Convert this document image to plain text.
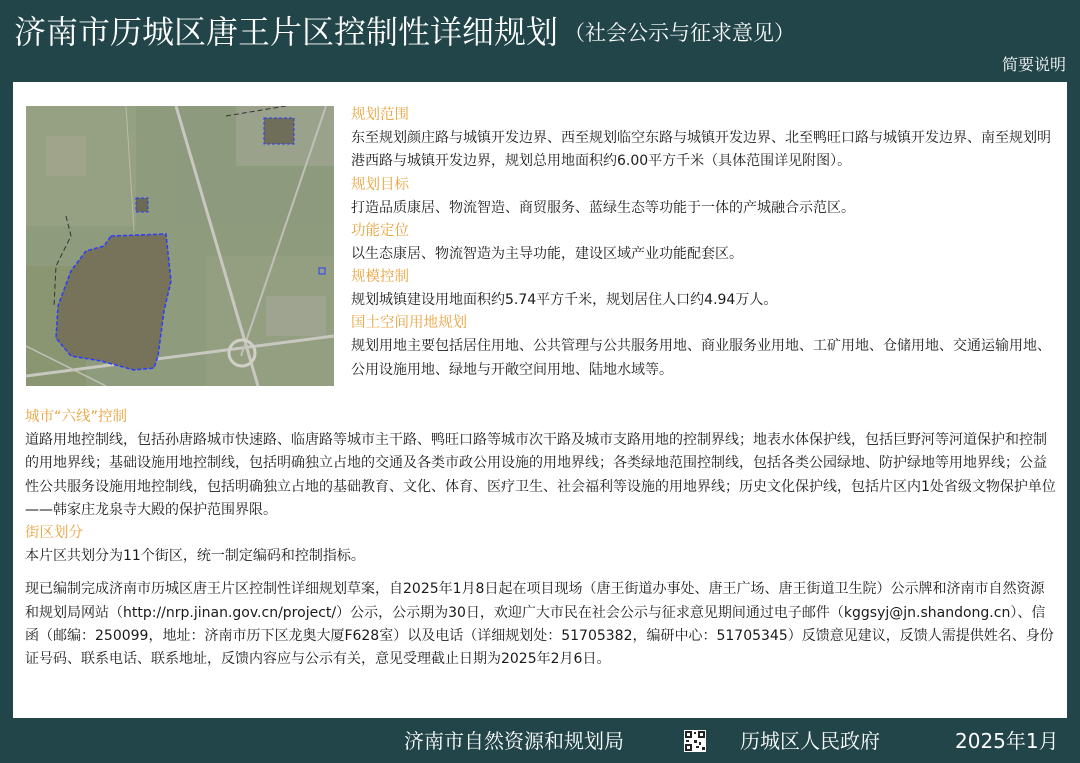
济南市历城区唐王片区控制性详细规划 （社会公示与征求意见）
简要说明
规划范围
东至规划颜庄路与城镇开发边界、西至规划临空东路与城镇开发边界、北至鸭旺口路与城镇开发边界、南至规划明港西路与城镇开发边界，规划总用地面积约6.00平方千米（具体范围详见附图）。
规划目标
打造品质康居、物流智造、商贸服务、蓝绿生态等功能于一体的产城融合示范区。
功能定位
以生态康居、物流智造为主导功能，建设区域产业功能配套区。
规模控制
规划城镇建设用地面积约5.74平方千米，规划居住人口约4.94万人。
国土空间用地规划
规划用地主要包括居住用地、公共管理与公共服务用地、商业服务业用地、工矿用地、仓储用地、交通运输用地、公用设施用地、绿地与开敞空间用地、陆地水域等。
城市“六线”控制
道路用地控制线，包括孙唐路城市快速路、临唐路等城市主干路、鸭旺口路等城市次干路及城市支路用地的控制界线；地表水体保护线，包括巨野河等河道保护和控制的用地界线；基础设施用地控制线，包括明确独立占地的交通及各类市政公用设施的用地界线；各类绿地范围控制线，包括各类公园绿地、防护绿地等用地界线；公益性公共服务设施用地控制线，包括明确独立占地的基础教育、文化、体育、医疗卫生、社会福利等设施的用地界线；历史文化保护线，包括片区内1处省级文物保护单位——韩家庄龙泉寺大殿的保护范围界限。
街区划分
本片区共划分为11个街区，统一制定编码和控制指标。
现已编制完成济南市历城区唐王片区控制性详细规划草案，自2025年1月8日起在项目现场（唐王街道办事处、唐王广场、唐王街道卫生院）公示牌和济南市自然资源和规划局网站（http://nrp.jinan.gov.cn/project/）公示，公示期为30日，欢迎广大市民在社会公示与征求意见期间通过电子邮件（kggsyj@jn.shandong.cn）、信函（邮编：250099，地址：济南市历下区龙奥大厦F628室）以及电话（详细规划处：51705382，编研中心：51705345）反馈意见建议，反馈人需提供姓名、身份证号码、联系电话、联系地址，反馈内容应与公示有关，意见受理截止日期为2025年2月6日。
济南市自然资源和规划局	历城区人民政府	2025年1月
